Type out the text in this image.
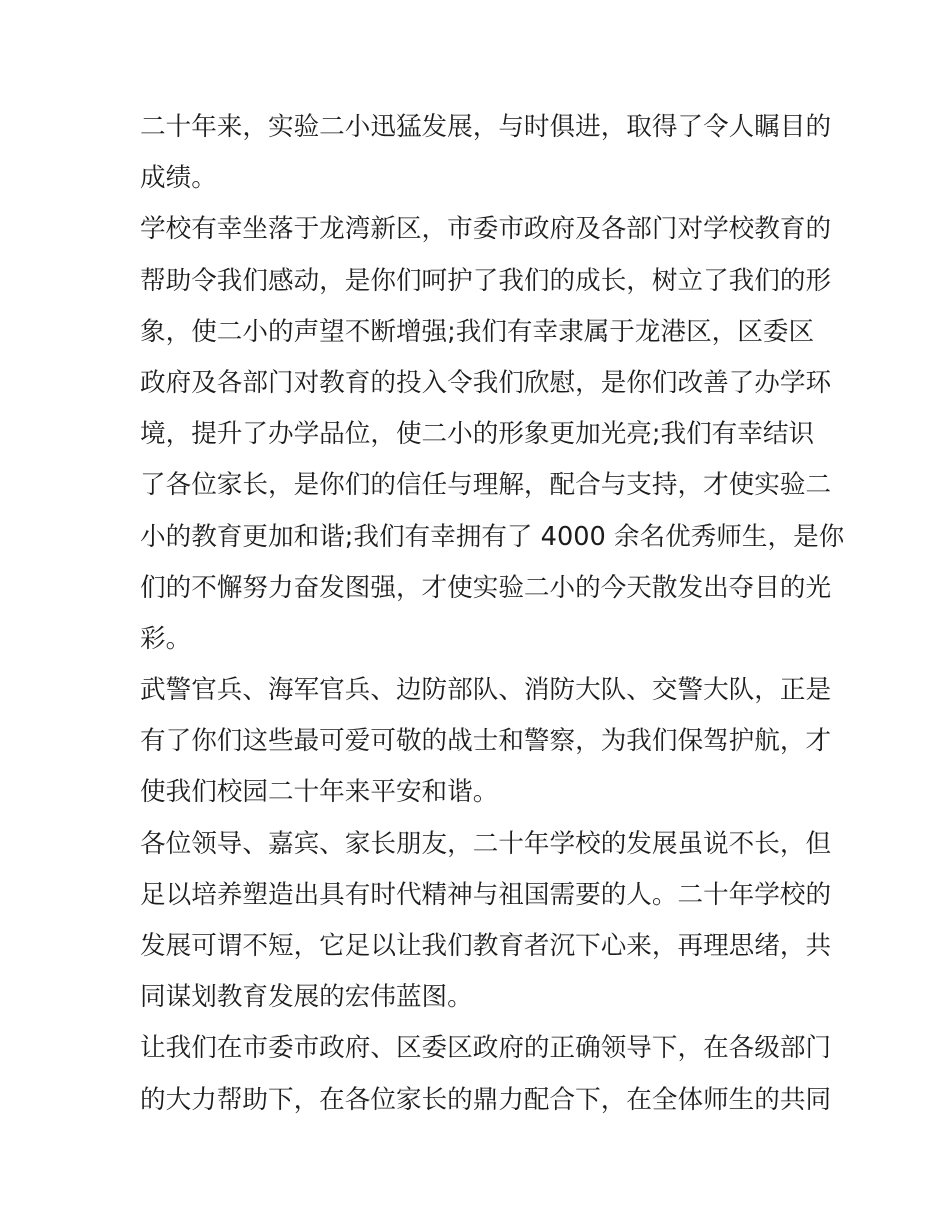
二十年来，实验二小迅猛发展，与时俱进，取得了令人瞩目的
成绩。
学校有幸坐落于龙湾新区，市委市政府及各部门对学校教育的
帮助令我们感动，是你们呵护了我们的成长，树立了我们的形
象，使二小的声望不断增强;我们有幸隶属于龙港区，区委区
政府及各部门对教育的投入令我们欣慰，是你们改善了办学环
境，提升了办学品位，使二小的形象更加光亮;我们有幸结识
了各位家长，是你们的信任与理解，配合与支持，才使实验二
小的教育更加和谐;我们有幸拥有了 4000 余名优秀师生，是你
们的不懈努力奋发图强，才使实验二小的今天散发出夺目的光
彩。
武警官兵、海军官兵、边防部队、消防大队、交警大队，正是
有了你们这些最可爱可敬的战士和警察，为我们保驾护航，才
使我们校园二十年来平安和谐。
各位领导、嘉宾、家长朋友，二十年学校的发展虽说不长，但
足以培养塑造出具有时代精神与祖国需要的人。二十年学校的
发展可谓不短，它足以让我们教育者沉下心来，再理思绪，共
同谋划教育发展的宏伟蓝图。
让我们在市委市政府、区委区政府的正确领导下，在各级部门
的大力帮助下，在各位家长的鼎力配合下，在全体师生的共同
